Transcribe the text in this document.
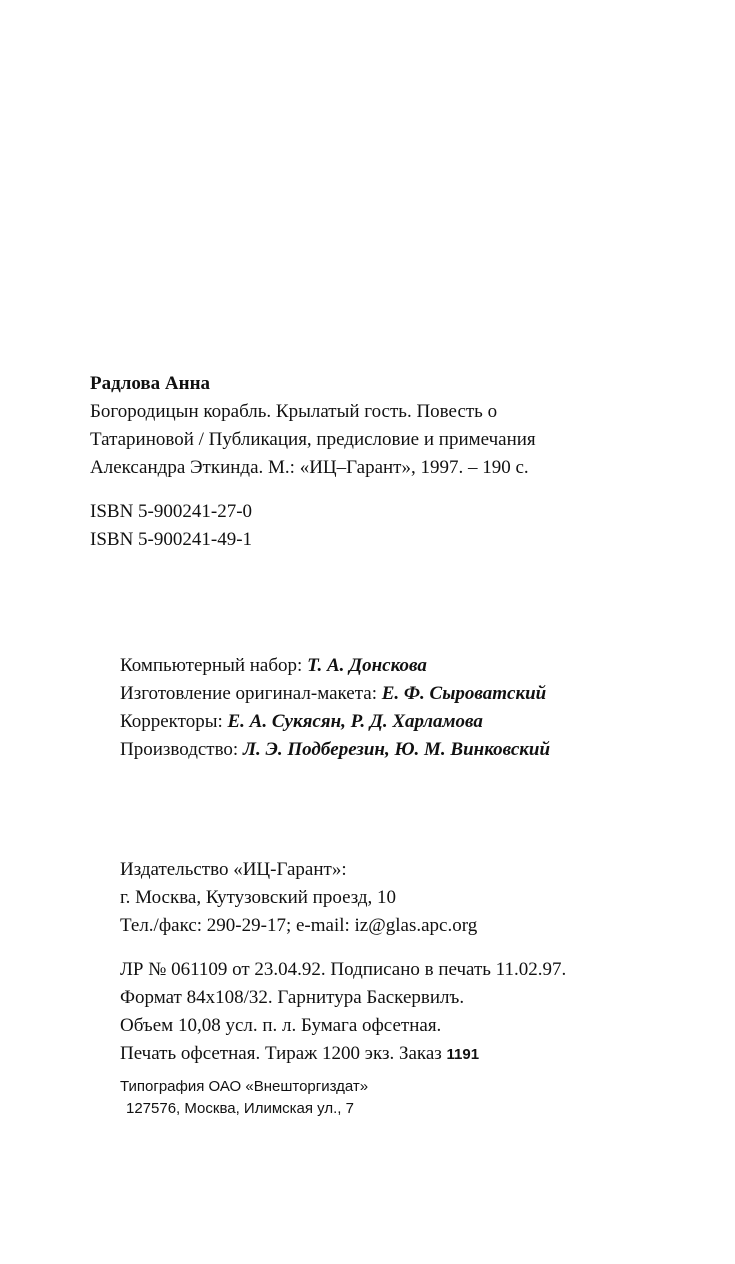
Радлова Анна
Богородицын корабль. Крылатый гость. Повесть о
Татариновой / Публикация, предисловие и примечания
Александра Эткинда. М.: «ИЦ–Гарант», 1997. – 190 с.
ISBN 5-900241-27-0
ISBN 5-900241-49-1
Компьютерный набор: Т. А. Донскова
Изготовление оригинал-макета: Е. Ф. Сыроватский
Корректоры: Е. А. Сукясян, Р. Д. Харламова
Производство: Л. Э. Подберезин, Ю. М. Винковский
Издательство «ИЦ-Гарант»:
г. Москва, Кутузовский проезд, 10
Тел./факс: 290-29-17; e-mail: iz@glas.apc.org
ЛР № 061109 от 23.04.92. Подписано в печать 11.02.97.
Формат 84x108/32. Гарнитура Баскервилъ.
Объем 10,08 усл. п. л. Бумага офсетная.
Печать офсетная. Тираж 1200 экз. Заказ 1191
Типография ОАО «Внешторгиздат»
127576, Москва, Илимская ул., 7
